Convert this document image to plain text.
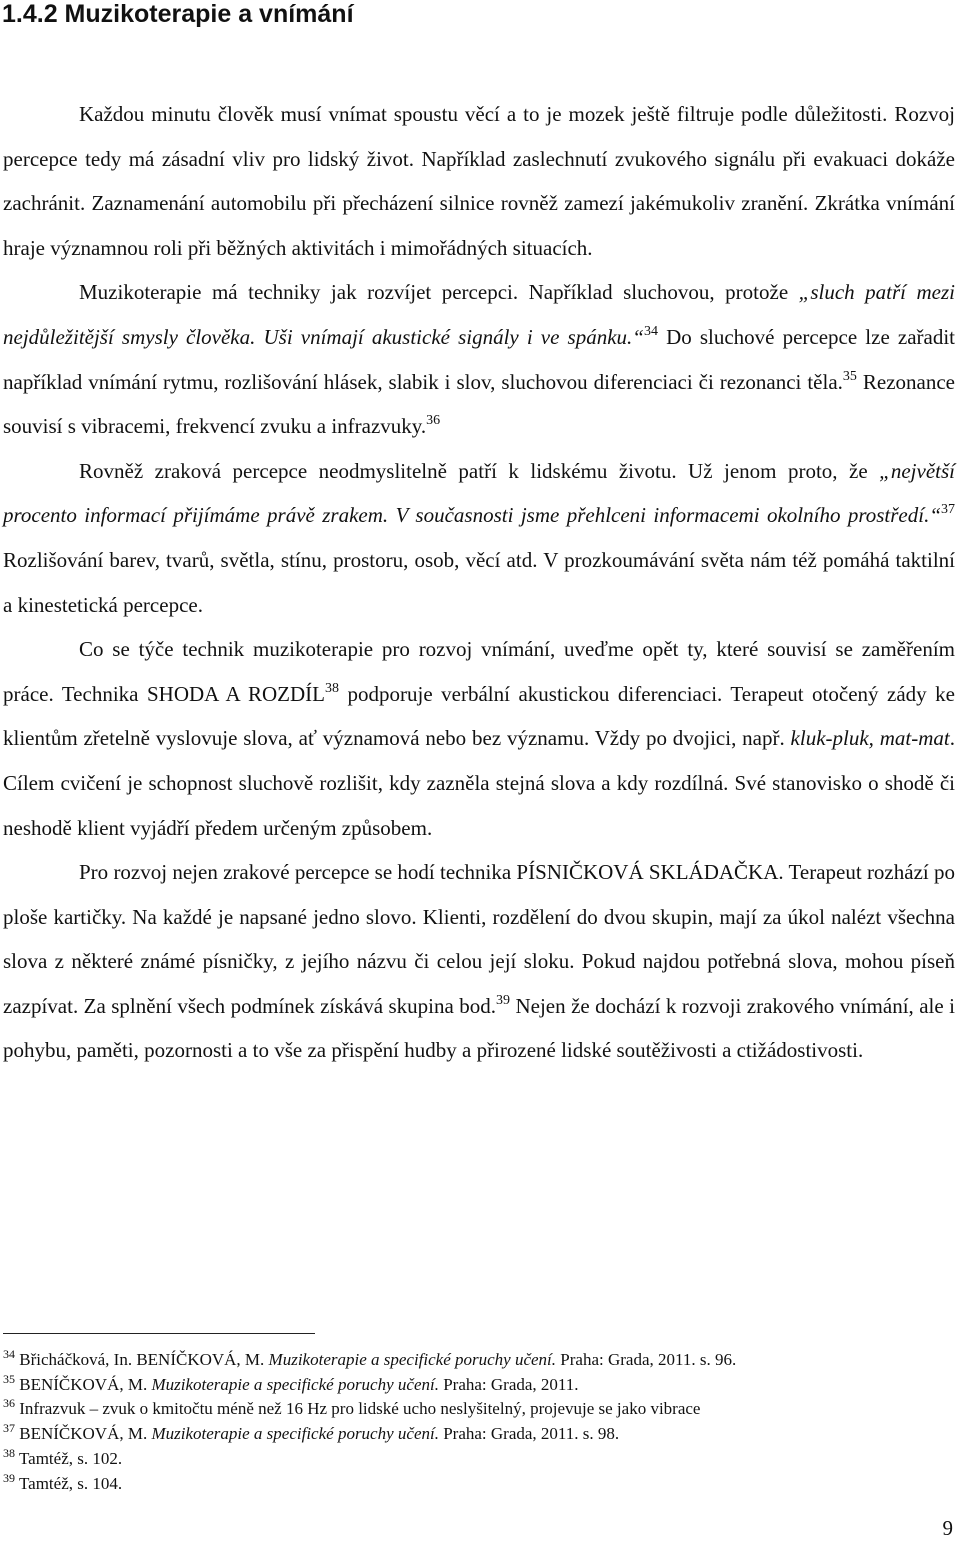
1.4.2 Muzikoterapie a vnímání

Každou minutu člověk musí vnímat spoustu věcí a to je mozek ještě filtruje podle důležitosti. Rozvoj percepce tedy má zásadní vliv pro lidský život. Například zaslechnutí zvukového signálu při evakuaci dokáže zachránit. Zaznamenání automobilu při přecházení silnice rovněž zamezí jakémukoliv zranění. Zkrátka vnímání hraje významnou roli při běžných aktivitách i mimořádných situacích.

Muzikoterapie má techniky jak rozvíjet percepci. Například sluchovou, protože „sluch patří mezi nejdůležitější smysly člověka. Uši vnímají akustické signály i ve spánku.“$^{34}$ Do sluchové percepce lze zařadit například vnímání rytmu, rozlišování hlásek, slabik i slov, sluchovou diferenciaci či rezonanci těla.$^{35}$ Rezonance souvisí s vibracemi, frekvencí zvuku a infrazvuky.$^{36}$

Rovněž zraková percepce neodmyslitelně patří k lidskému životu. Už jenom proto, že „největší procento informací přijímáme právě zrakem. V současnosti jsme přehlceni informacemi okolního prostředí.“$^{37}$ Rozlišování barev, tvarů, světla, stínu, prostoru, osob, věcí atd. V prozkoumávání světa nám též pomáhá taktilní a kinestetická percepce.

Co se týče technik muzikoterapie pro rozvoj vnímání, uveďme opět ty, které souvisí se zaměřením práce. Technika SHODA A ROZDÍL$^{38}$ podporuje verbální akustickou diferenciaci. Terapeut otočený zády ke klientům zřetelně vyslovuje slova, ať významová nebo bez významu. Vždy po dvojici, např. kluk-pluk, mat-mat. Cílem cvičení je schopnost sluchově rozlišit, kdy zazněla stejná slova a kdy rozdílná. Své stanovisko o shodě či neshodě klient vyjádří předem určeným způsobem.

Pro rozvoj nejen zrakové percepce se hodí technika PÍSNIČKOVÁ SKLÁDAČKA. Terapeut rozhází po ploše kartičky. Na každé je napsané jedno slovo. Klienti, rozdělení do dvou skupin, mají za úkol nalézt všechna slova z některé známé písničky, z jejího názvu či celou její sloku. Pokud najdou potřebná slova, mohou píseň zazpívat. Za splnění všech podmínek získává skupina bod.$^{39}$ Nejen že dochází k rozvoji zrakového vnímání, ale i pohybu, paměti, pozornosti a to vše za přispění hudby a přirozené lidské soutěživosti a ctižádostivosti.

$^{34}$ Břicháčková, In. BENÍČKOVÁ, M. Muzikoterapie a specifické poruchy učení. Praha: Grada, 2011. s. 96.
$^{35}$ BENÍČKOVÁ, M. Muzikoterapie a specifické poruchy učení. Praha: Grada, 2011.
$^{36}$ Infrazvuk – zvuk o kmitočtu méně než 16 Hz pro lidské ucho neslyšitelný, projevuje se jako vibrace
$^{37}$ BENÍČKOVÁ, M. Muzikoterapie a specifické poruchy učení. Praha: Grada, 2011. s. 98.
$^{38}$ Tamtéž, s. 102.
$^{39}$ Tamtéž, s. 104.
9
